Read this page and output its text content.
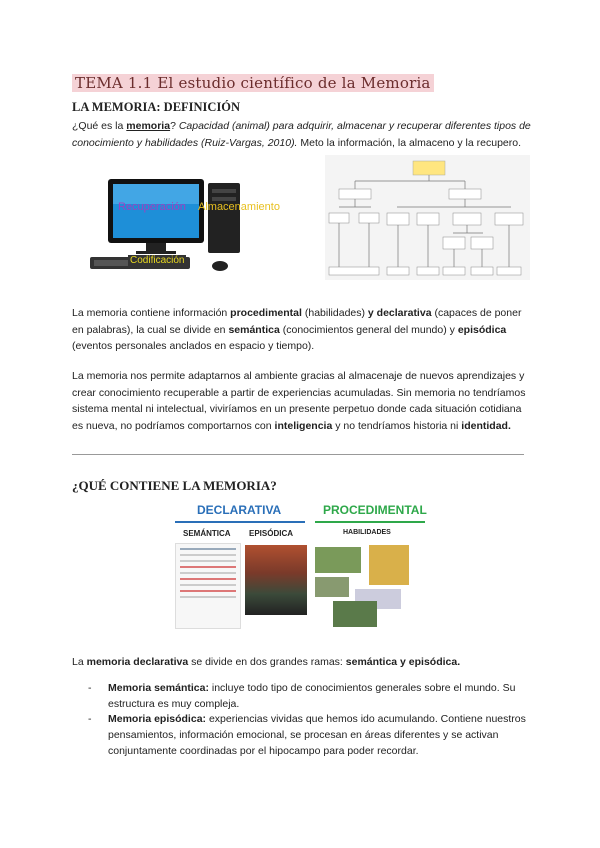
TEMA 1.1 El estudio científico de la Memoria
LA MEMORIA: DEFINICIÓN
¿Qué es la memoria? Capacidad (animal) para adquirir, almacenar y recuperar diferentes tipos de conocimiento y habilidades (Ruiz-Vargas, 2010). Meto la información, la almaceno y la recupero.
Recuperación Almacenamiento
Codificación
La memoria contiene información procedimental (habilidades) y declarativa (capaces de poner en palabras), la cual se divide en semántica (conocimientos general del mundo) y episódica (eventos personales anclados en espacio y tiempo).
La memoria nos permite adaptarnos al ambiente gracias al almacenaje de nuevos aprendizajes y crear conocimiento recuperable a partir de experiencias acumuladas. Sin memoria no tendríamos sistema mental ni intelectual, viviríamos en un presente perpetuo donde cada situación cotidiana es nueva, no podríamos comportarnos con inteligencia y no tendríamos historia ni identidad.
¿QUÉ CONTIENE LA MEMORIA?
DECLARATIVA	PROCEDIMENTAL
SEMÁNTICA EPISÓDICA	HABILIDADES
La memoria declarativa se divide en dos grandes ramas: semántica y episódica.
- Memoria semántica: incluye todo tipo de conocimientos generales sobre el mundo. Su estructura es muy compleja.
- Memoria episódica: experiencias vividas que hemos ido acumulando. Contiene nuestros pensamientos, información emocional, se procesan en áreas diferentes y se activan conjuntamente coordinadas por el hipocampo para poder recordar.
